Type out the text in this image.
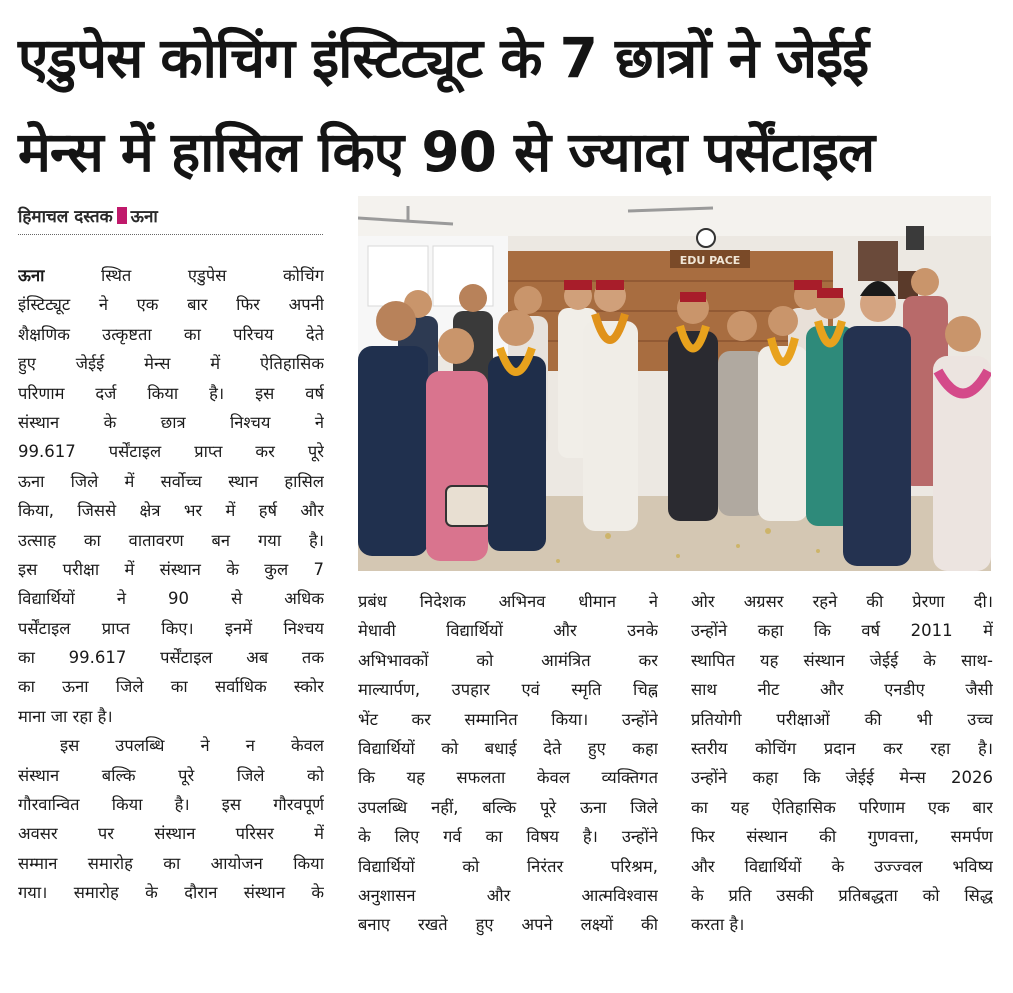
एडुपेस कोचिंग इंस्टिट्यूट के 7 छात्रों ने जेईई
मेन्स में हासिल किए 90 से ज्यादा पर्सेंटाइल
हिमाचल दस्तक ऊना
EDU PACE
ऊना स्थित एडुपेस कोचिंग
इंस्टिट्यूट ने एक बार फिर अपनी
शैक्षणिक उत्कृष्टता का परिचय देते
हुए जेईई मेन्स में ऐतिहासिक
परिणाम दर्ज किया है। इस वर्ष
संस्थान के छात्र निश्चय ने
99.617 पर्सेंटाइल प्राप्त कर पूरे
ऊना जिले में सर्वोच्च स्थान हासिल
किया, जिससे क्षेत्र भर में हर्ष और
उत्साह का वातावरण बन गया है।
इस परीक्षा में संस्थान के कुल 7
विद्यार्थियों ने 90 से अधिक
पर्सेंटाइल प्राप्त किए। इनमें निश्चय
का 99.617 पर्सेंटाइल अब तक
का ऊना जिले का सर्वाधिक स्कोर
माना जा रहा है।
इस उपलब्धि ने न केवल
संस्थान बल्कि पूरे जिले को
गौरवान्वित किया है। इस गौरवपूर्ण
अवसर पर संस्थान परिसर में
सम्मान समारोह का आयोजन किया
गया। समारोह के दौरान संस्थान के
प्रबंध निदेशक अभिनव धीमान ने
मेधावी विद्यार्थियों और उनके
अभिभावकों को आमंत्रित कर
माल्यार्पण, उपहार एवं स्मृति चिह्न
भेंट कर सम्मानित किया। उन्होंने
विद्यार्थियों को बधाई देते हुए कहा
कि यह सफलता केवल व्यक्तिगत
उपलब्धि नहीं, बल्कि पूरे ऊना जिले
के लिए गर्व का विषय है। उन्होंने
विद्यार्थियों को निरंतर परिश्रम,
अनुशासन और आत्मविश्वास
बनाए रखते हुए अपने लक्ष्यों की
ओर अग्रसर रहने की प्रेरणा दी।
उन्होंने कहा कि वर्ष 2011 में
स्थापित यह संस्थान जेईई के साथ-
साथ नीट और एनडीए जैसी
प्रतियोगी परीक्षाओं की भी उच्च
स्तरीय कोचिंग प्रदान कर रहा है।
उन्होंने कहा कि जेईई मेन्स 2026
का यह ऐतिहासिक परिणाम एक बार
फिर संस्थान की गुणवत्ता, समर्पण
और विद्यार्थियों के उज्ज्वल भविष्य
के प्रति उसकी प्रतिबद्धता को सिद्ध
करता है।
